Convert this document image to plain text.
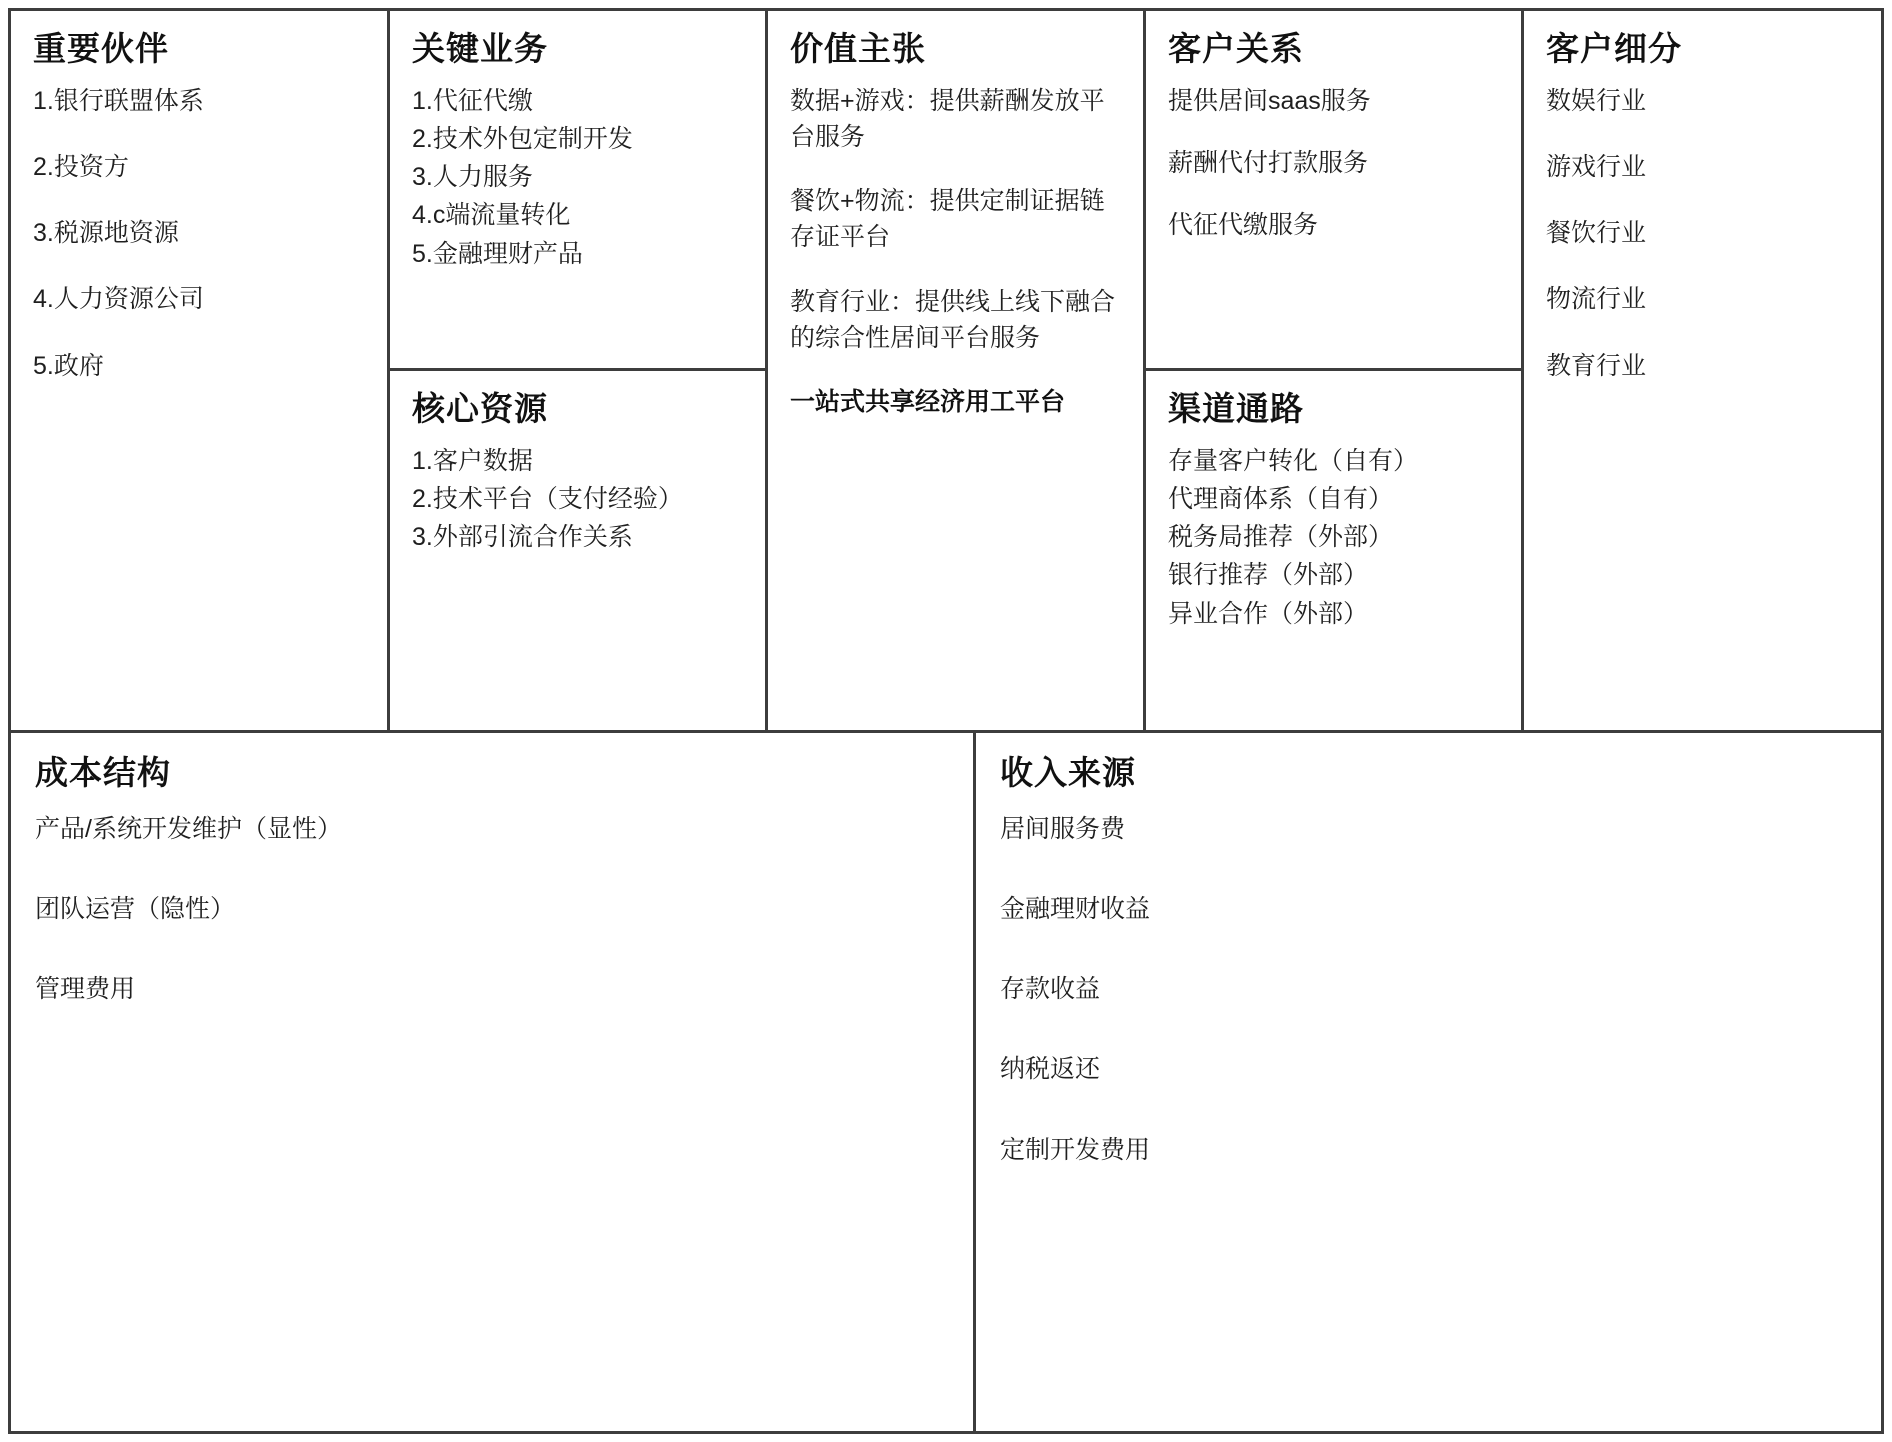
重要伙伴
1.银行联盟体系
2.投资方
3.税源地资源
4.人力资源公司
5.政府
关键业务
1.代征代缴
2.技术外包定制开发
3.人力服务
4.c端流量转化
5.金融理财产品
核心资源
1.客户数据
2.技术平台（支付经验）
3.外部引流合作关系
价值主张
数据+游戏：提供薪酬发放平台服务
餐饮+物流：提供定制证据链存证平台
教育行业：提供线上线下融合的综合性居间平台服务
一站式共享经济用工平台
客户关系
提供居间saas服务
薪酬代付打款服务
代征代缴服务
渠道通路
存量客户转化（自有）
代理商体系（自有）
税务局推荐（外部）
银行推荐（外部）
异业合作（外部）
客户细分
数娱行业
游戏行业
餐饮行业
物流行业
教育行业
成本结构
产品/系统开发维护（显性）
团队运营（隐性）
管理费用
收入来源
居间服务费
金融理财收益
存款收益
纳税返还
定制开发费用
